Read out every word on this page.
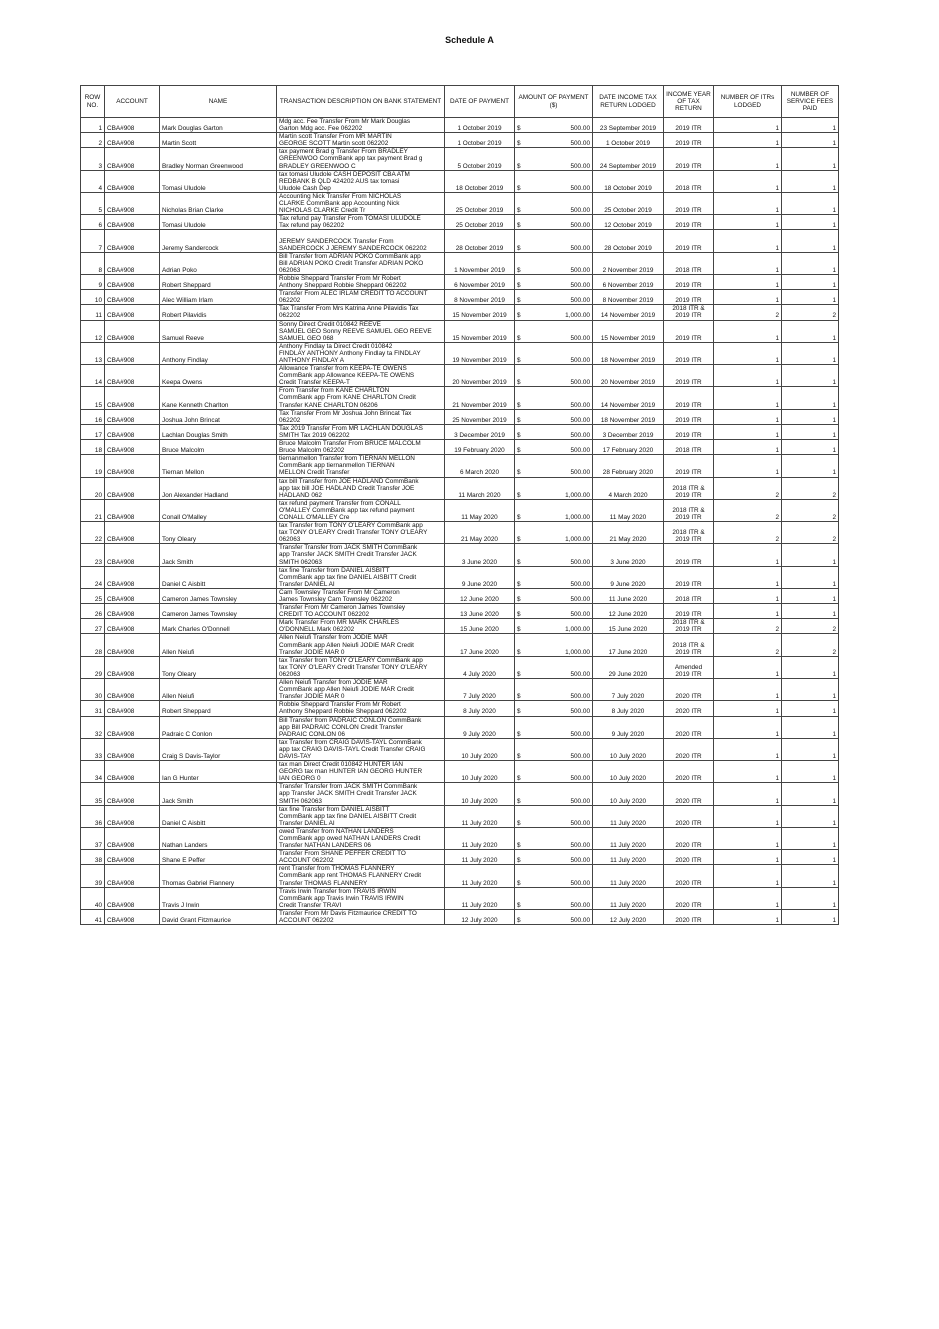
Schedule A
ROW NO.	ACCOUNT	NAME	TRANSACTION DESCRIPTION ON BANK STATEMENT	DATE OF PAYMENT	AMOUNT OF PAYMENT ($)	DATE INCOME TAX RETURN LODGED	INCOME YEAR OF TAX RETURN	NUMBER OF ITRs LODGED	NUMBER OF SERVICE FEES PAID
1	CBA#908	Mark Douglas Garton	Mdg acc. Fee Transfer From Mr Mark Douglas
Garton Mdg acc. Fee 062202	1 October 2019	$ 500.00	23 September 2019	2019 ITR	1	1
2	CBA#908	Martin Scott	Martin scott Transfer From MR MARTIN
GEORGE SCOTT Martin scott 062202	1 October 2019	$ 500.00	1 October 2019	2019 ITR	1	1
3	CBA#908	Bradley Norman Greenwood	tax payment Brad g Transfer From BRADLEY
GREENWOO CommBank app tax payment Brad g
BRADLEY GREENWOO C	5 October 2019	$ 500.00	24 September 2019	2019 ITR	1	1
4	CBA#908	Tomasi Uludole	tax tomasi Uludole CASH DEPOSIT CBA ATM
REDBANK B QLD 424202 AUS tax tomasi
Uludole Cash Dep	18 October 2019	$ 500.00	18 October 2019	2018 ITR	1	1
5	CBA#908	Nicholas Brian Clarke	Accounting Nick Transfer From NICHOLAS
CLARKE CommBank app Accounting Nick
NICHOLAS CLARKE Credit Tr	25 October 2019	$ 500.00	25 October 2019	2019 ITR	1	1
6	CBA#908	Tomasi Uludole	Tax refund pay Transfer From TOMASI ULUDOLE
Tax refund pay 062202	25 October 2019	$ 500.00	12 October 2019	2019 ITR	1	1
7	CBA#908	Jeremy Sandercock	
JEREMY SANDERCOCK Transfer From
SANDERCOCK J JEREMY SANDERCOCK 062202	28 October 2019	$ 500.00	28 October 2019	2019 ITR	1	1
8	CBA#908	Adrian Poko	Bill Transfer from ADRIAN POKO CommBank app
Bill ADRIAN POKO Credit Transfer ADRIAN POKO
062063	1 November 2019	$ 500.00	2 November 2019	2018 ITR	1	1
9	CBA#908	Robert Sheppard	Robbie Sheppard Transfer From Mr Robert
Anthony Sheppard Robbie Sheppard 062202	6 November 2019	$ 500.00	6 November 2019	2019 ITR	1	1
10	CBA#908	Alec William Irlam	Transfer From ALEC IRLAM CREDIT TO ACCOUNT
062202	8 November 2019	$ 500.00	8 November 2019	2019 ITR	1	1
11	CBA#908	Robert Pilavidis	Tax Transfer From Mrs Katrina Anne Pilavidis Tax
062202	15 November 2019	$ 1,000.00	14 November 2019	2018 ITR &
2019 ITR	2	2
12	CBA#908	Samuel Reeve	Sonny Direct Credit 010842 REEVE
SAMUEL GEO Sonny REEVE SAMUEL GEO REEVE
SAMUEL GEO 068	15 November 2019	$ 500.00	15 November 2019	2019 ITR	1	1
13	CBA#908	Anthony Findlay	Anthony Findlay ta Direct Credit 010842
FINDLAY ANTHONY Anthony Findlay ta FINDLAY
ANTHONY FINDLAY A	19 November 2019	$ 500.00	18 November 2019	2019 ITR	1	1
14	CBA#908	Keepa Owens	Allowance Transfer from KEEPA-TE OWENS
CommBank app Allowance KEEPA-TE OWENS
Credit Transfer KEEPA-T	20 November 2019	$ 500.00	20 November 2019	2019 ITR	1	1
15	CBA#908	Kane Kenneth Charlton	From Transfer from KANE CHARLTON
CommBank app From KANE CHARLTON Credit
Transfer KANE CHARLTON 06206	21 November 2019	$ 500.00	14 November 2019	2019 ITR	1	1
16	CBA#908	Joshua John Brincat	Tax Transfer From Mr Joshua John Brincat Tax
062202	25 November 2019	$ 500.00	18 November 2019	2019 ITR	1	1
17	CBA#908	Lachlan Douglas Smith	Tax 2019 Transfer From MR LACHLAN DOUGLAS
SMITH Tax 2019 062202	3 December 2019	$ 500.00	3 December 2019	2019 ITR	1	1
18	CBA#908	Bruce Malcolm	Bruce Malcolm Transfer From BRUCE MALCOLM
Bruce Malcolm 062202	19 February 2020	$ 500.00	17 February 2020	2018 ITR	1	1
19	CBA#908	Tiernan Mellon	tiernanmellon Transfer from TIERNAN MELLON
CommBank app tiernanmellon TIERNAN
MELLON Credit Transfer	6 March 2020	$ 500.00	28 February 2020	2019 ITR	1	1
20	CBA#908	Jon Alexander Hadland	tax bill Transfer from JOE HADLAND CommBank
app tax bill JOE HADLAND Credit Transfer JOE
HADLAND 062	11 March 2020	$ 1,000.00	4 March 2020	2018 ITR &
2019 ITR	2	2
21	CBA#908	Conall O'Malley	tax refund payment Transfer from CONALL
O'MALLEY CommBank app tax refund payment
CONALL O'MALLEY Cre	11 May 2020	$ 1,000.00	11 May 2020	2018 ITR &
2019 ITR	2	2
22	CBA#908	Tony Oleary	tax Transfer from TONY O'LEARY CommBank app
tax TONY O'LEARY Credit Transfer TONY O'LEARY
062063	21 May 2020	$ 1,000.00	21 May 2020	2018 ITR &
2019 ITR	2	2
23	CBA#908	Jack Smith	Transfer Transfer from JACK SMITH CommBank
app Transfer JACK SMITH Credit Transfer JACK
SMITH 062063	3 June 2020	$ 500.00	3 June 2020	2019 ITR	1	1
24	CBA#908	Daniel C Aisbitt	tax fine Transfer from DANIEL AISBITT
CommBank app tax fine DANIEL AISBITT Credit
Transfer DANIEL AI	9 June 2020	$ 500.00	9 June 2020	2019 ITR	1	1
25	CBA#908	Cameron James Townsley	Cam Townsley Transfer From Mr Cameron
James Townsley Cam Townsley 062202	12 June 2020	$ 500.00	11 June 2020	2018 ITR	1	1
26	CBA#908	Cameron James Townsley	Transfer From Mr Cameron James Townsley
CREDIT TO ACCOUNT 062202	13 June 2020	$ 500.00	12 June 2020	2019 ITR	1	1
27	CBA#908	Mark Charles O'Donnell	Mark Transfer From MR MARK CHARLES
O'DONNELL Mark 062202	15 June 2020	$ 1,000.00	15 June 2020	2018 ITR &
2019 ITR	2	2
28	CBA#908	Allen Neiufi	Allen Neiufi Transfer from JODIE MAR
CommBank app Allen Neiufi JODIE MAR Credit
Transfer JODIE MAR 0	17 June 2020	$ 1,000.00	17 June 2020	2018 ITR &
2019 ITR	2	2
29	CBA#908	Tony Oleary	tax Transfer from TONY O'LEARY CommBank app
tax TONY O'LEARY Credit Transfer TONY O'LEARY
062063	4 July 2020	$ 500.00	29 June 2020	Amended
2019 ITR	1	1
30	CBA#908	Allen Neiufi	Allen Neiufi Transfer from JODIE MAR
CommBank app Allen Neiufi JODIE MAR Credit
Transfer JODIE MAR 0	7 July 2020	$ 500.00	7 July 2020	2020 ITR	1	1
31	CBA#908	Robert Sheppard	Robbie Sheppard Transfer From Mr Robert
Anthony Sheppard Robbie Sheppard 062202	8 July 2020	$ 500.00	8 July 2020	2020 ITR	1	1
32	CBA#908	Padraic C Conlon	Bill Transfer from PADRAIC CONLON CommBank
app Bill PADRAIC CONLON Credit Transfer
PADRAIC CONLON 06	9 July 2020	$ 500.00	9 July 2020	2020 ITR	1	1
33	CBA#908	Craig S Davis-Taylor	tax Transfer from CRAIG DAVIS-TAYL CommBank
app tax CRAIG DAVIS-TAYL Credit Transfer CRAIG
DAVIS-TAY	10 July 2020	$ 500.00	10 July 2020	2020 ITR	1	1
34	CBA#908	Ian G Hunter	tax man Direct Credit 010842 HUNTER IAN
GEORG tax man HUNTER IAN GEORG HUNTER
IAN GEORG 0	10 July 2020	$ 500.00	10 July 2020	2020 ITR	1	1
35	CBA#908	Jack Smith	Transfer Transfer from JACK SMITH CommBank
app Transfer JACK SMITH Credit Transfer JACK
SMITH 062063	10 July 2020	$ 500.00	10 July 2020	2020 ITR	1	1
36	CBA#908	Daniel C Aisbitt	tax fine Transfer from DANIEL AISBITT
CommBank app tax fine DANIEL AISBITT Credit
Transfer DANIEL AI	11 July 2020	$ 500.00	11 July 2020	2020 ITR	1	1
37	CBA#908	Nathan Landers	owed Transfer from NATHAN LANDERS
CommBank app owed NATHAN LANDERS Credit
Transfer NATHAN LANDERS 06	11 July 2020	$ 500.00	11 July 2020	2020 ITR	1	1
38	CBA#908	Shane E Peffer	Transfer From SHANE PEFFER CREDIT TO
ACCOUNT 062202	11 July 2020	$ 500.00	11 July 2020	2020 ITR	1	1
39	CBA#908	Thomas Gabriel Flannery	rent Transfer from THOMAS FLANNERY
CommBank app rent THOMAS FLANNERY Credit
Transfer THOMAS FLANNERY	11 July 2020	$ 500.00	11 July 2020	2020 ITR	1	1
40	CBA#908	Travis J Irwin	Travis Irwin Transfer from TRAVIS IRWIN
CommBank app Travis Irwin TRAVIS IRWIN
Credit Transfer TRAVI	11 July 2020	$ 500.00	11 July 2020	2020 ITR	1	1
41	CBA#908	David Grant Fitzmaurice	Transfer From Mr Davis Fitzmaurice CREDIT TO
ACCOUNT 062202	12 July 2020	$ 500.00	12 July 2020	2020 ITR	1	1
